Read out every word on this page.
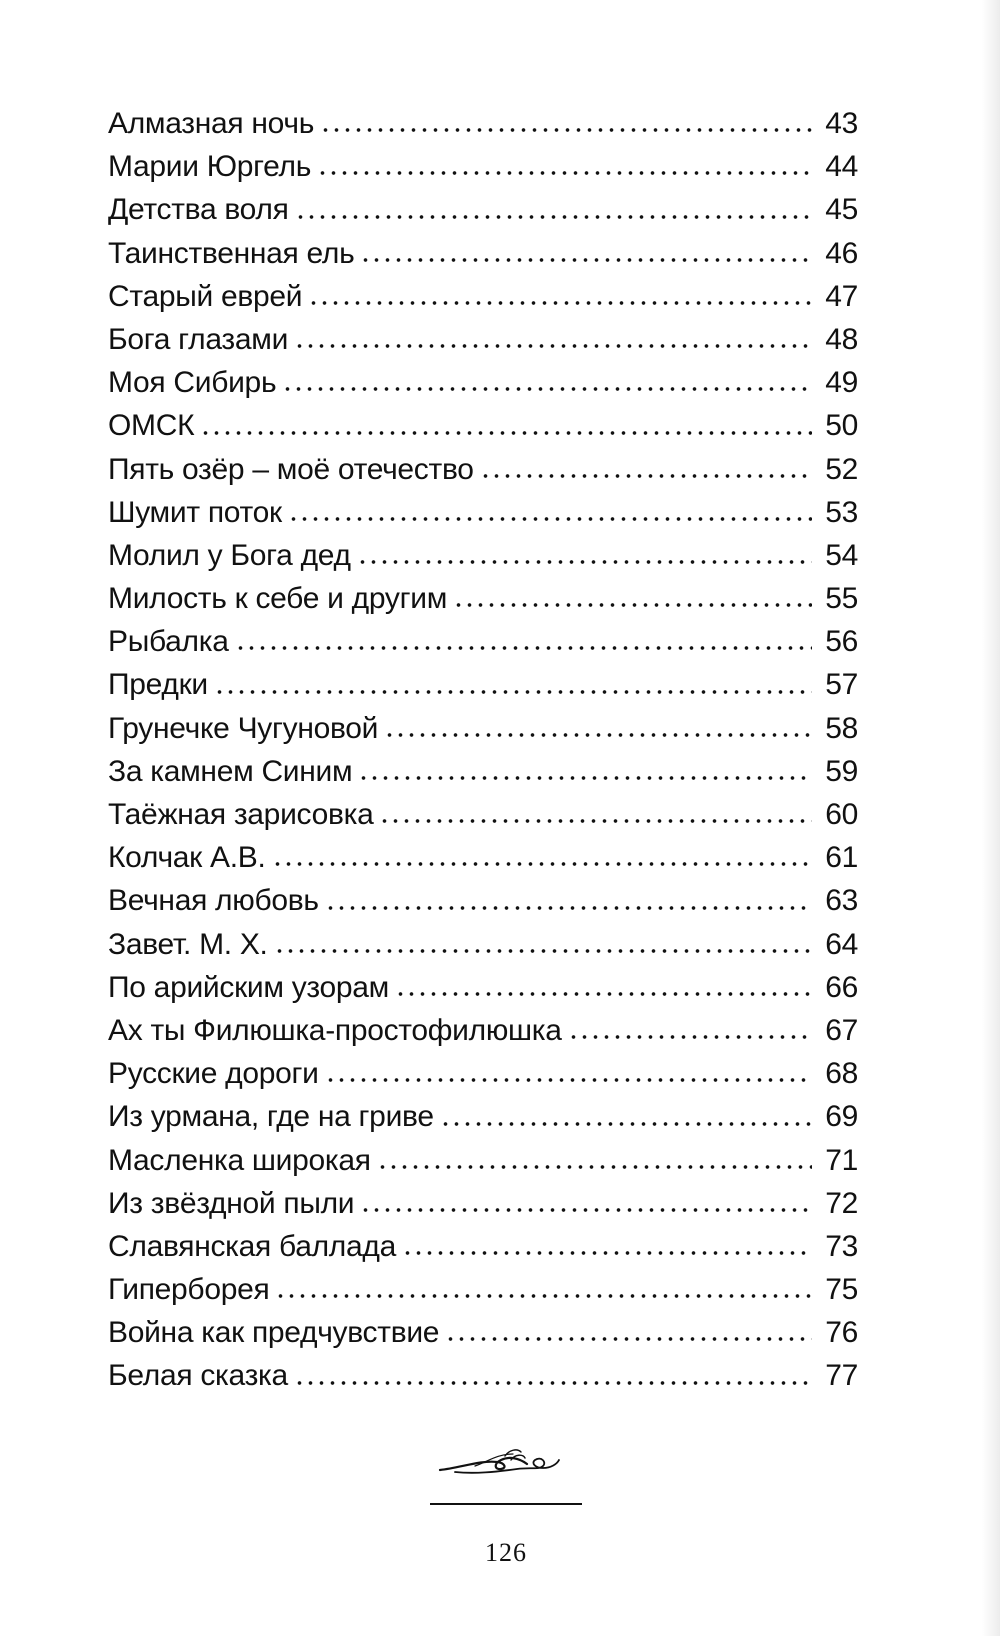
Алмазная ночь	43
Марии Юргель	44
Детства воля	45
Таинственная ель	46
Старый еврей	47
Бога глазами	48
Моя Сибирь	49
ОМСК	50
Пять озёр – моё отечество	52
Шумит поток	53
Молил у Бога дед	54
Милость к себе и другим	55
Рыбалка	56
Предки	57
Грунечке Чугуновой	58
За камнем Синим	59
Таёжная зарисовка	60
Колчак А.В.	61
Вечная любовь	63
Завет. М. Х.	64
По арийским узорам	66
Ах ты Филюшка-простофилюшка	67
Русские дороги	68
Из урмана, где на гриве	69
Масленка широкая	71
Из звёздной пыли	72
Славянская баллада	73
Гиперборея	75
Война как предчувствие	76
Белая сказка	77
126
